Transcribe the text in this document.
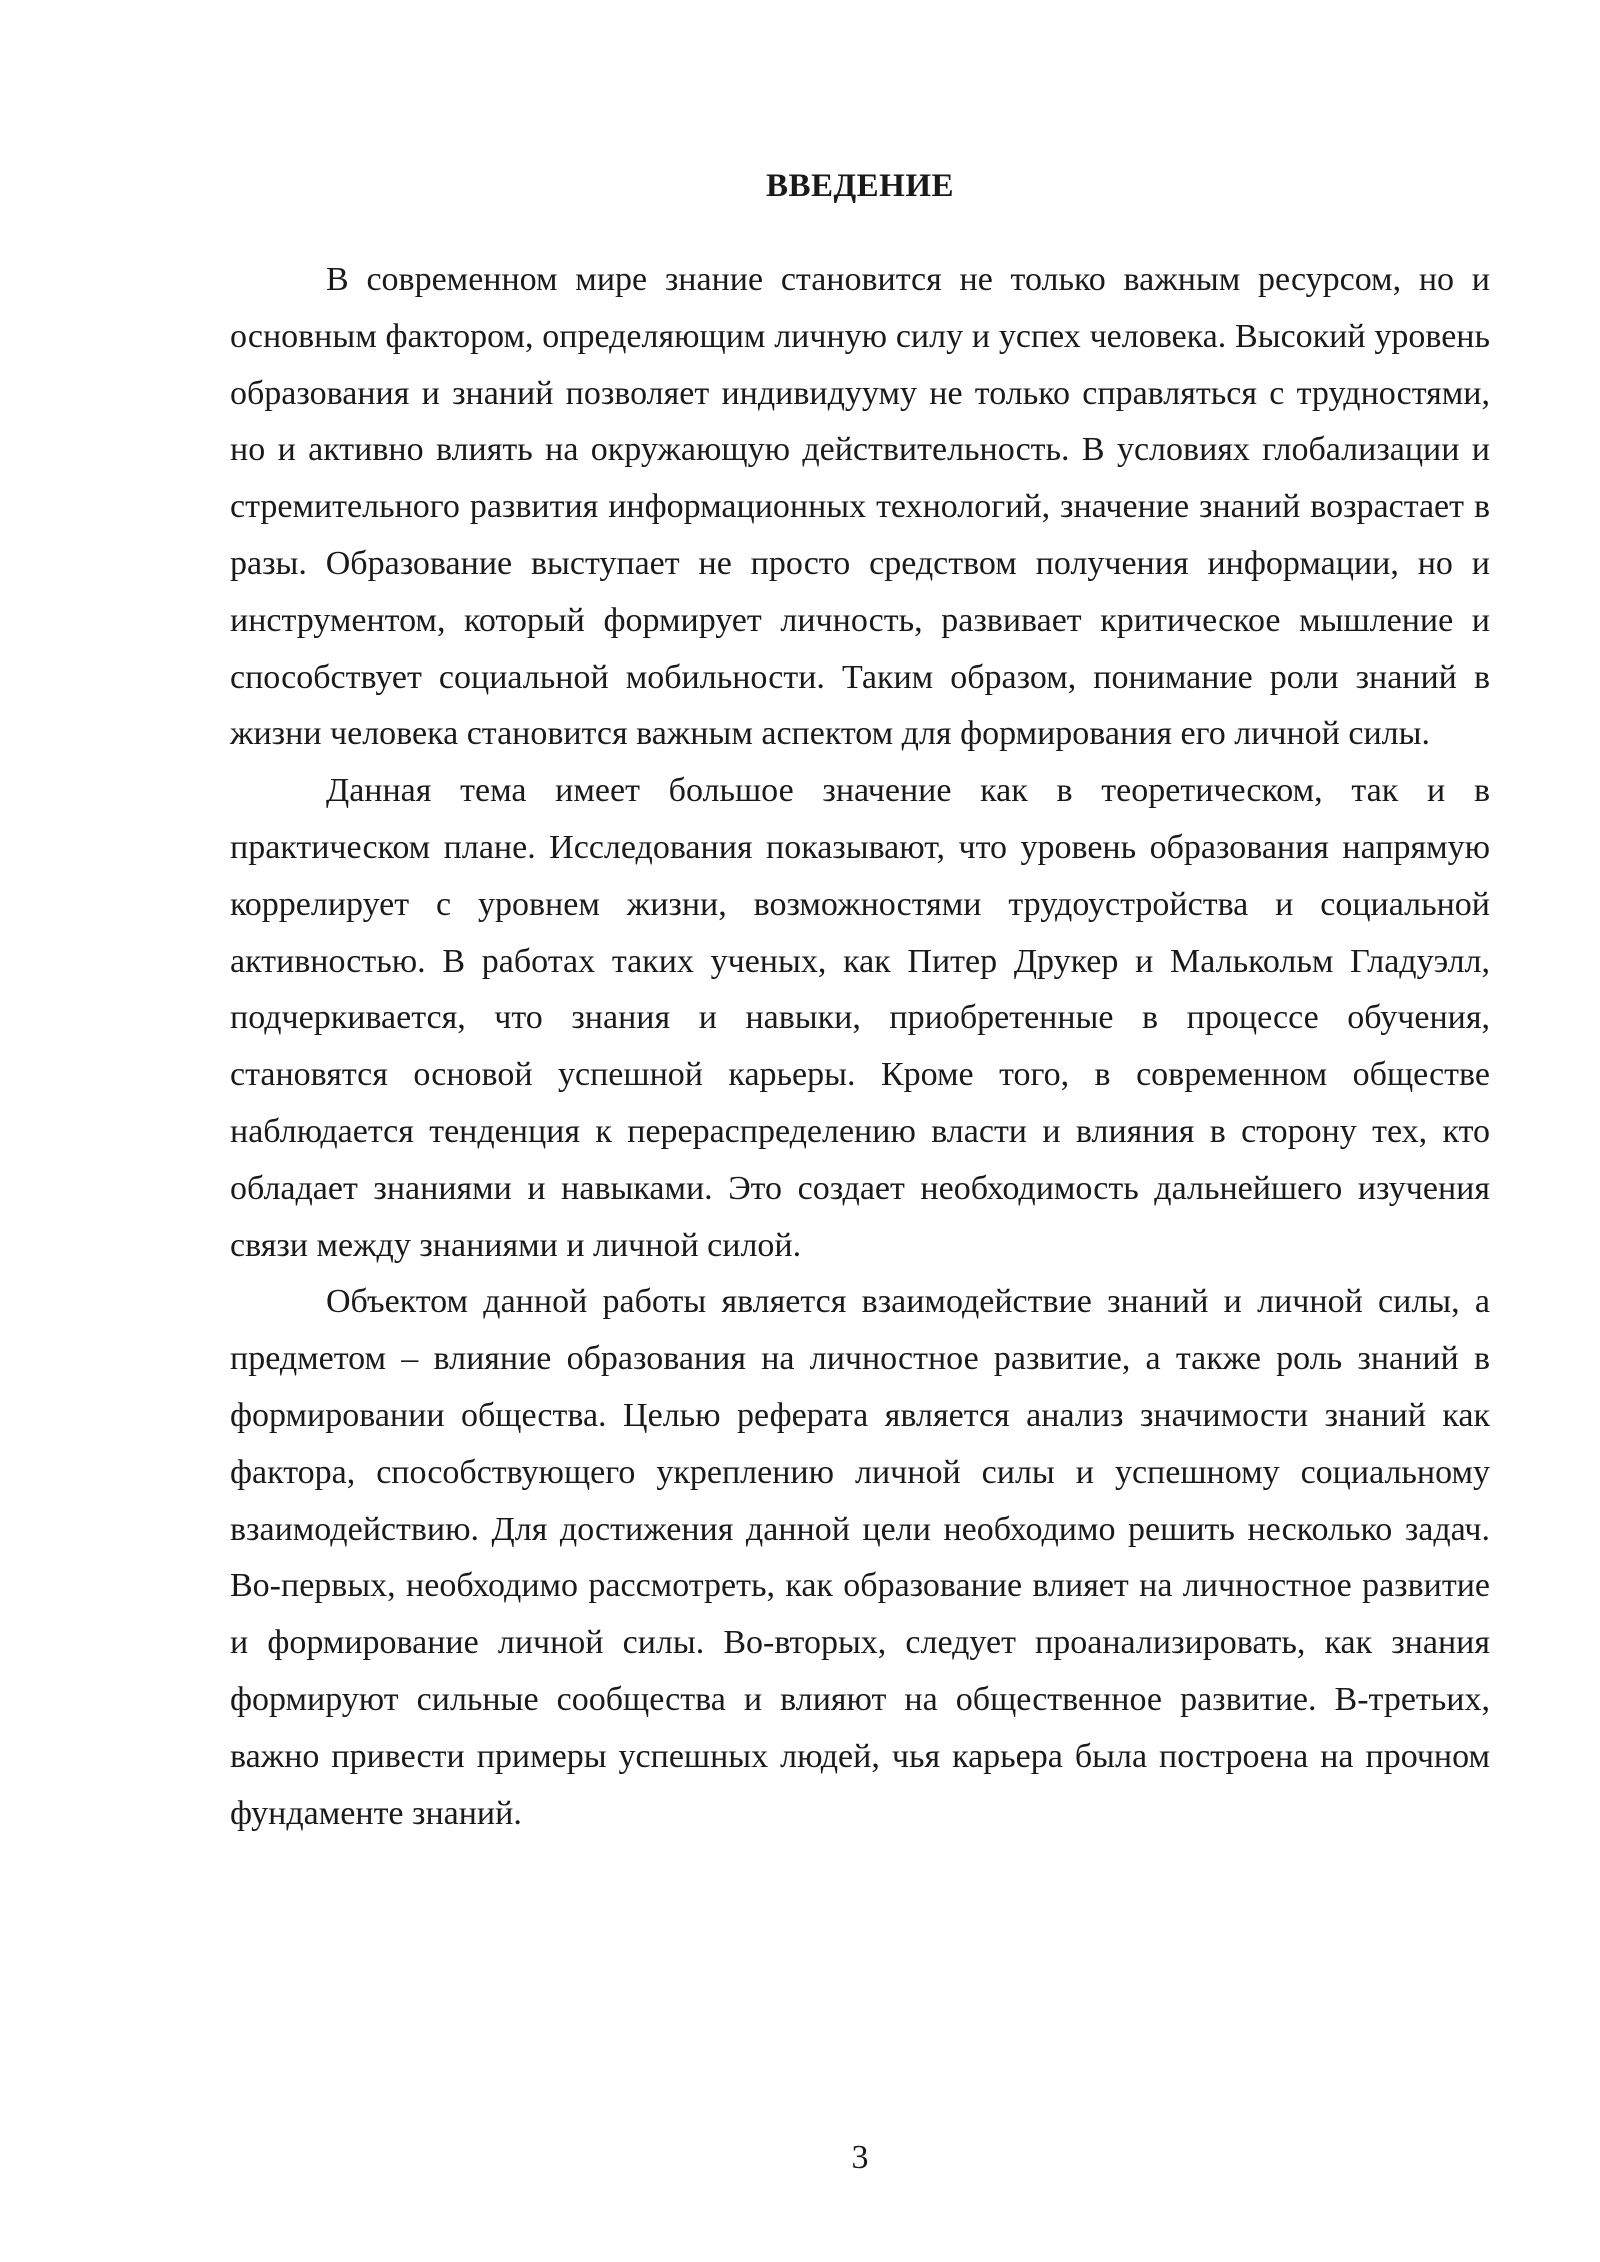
ВВЕДЕНИЕ

В современном мире знание становится не только важным ресурсом, но и основным фактором, определяющим личную силу и успех человека. Высокий уровень образования и знаний позволяет индивидууму не только справляться с трудностями, но и активно влиять на окружающую действительность. В условиях глобализации и стремительного развития информационных технологий, значение знаний возрастает в разы. Образование выступает не просто средством получения информации, но и инструментом, который формирует личность, развивает критическое мышление и способствует социальной мобильности. Таким образом, понимание роли знаний в жизни человека становится важным аспектом для формирования его личной силы.

Данная тема имеет большое значение как в теоретическом, так и в практическом плане. Исследования показывают, что уровень образования напрямую коррелирует с уровнем жизни, возможностями трудоустройства и социальной активностью. В работах таких ученых, как Питер Друкер и Малькольм Гладуэлл, подчеркивается, что знания и навыки, приобретенные в процессе обучения, становятся основой успешной карьеры. Кроме того, в современном обществе наблюдается тенденция к перераспределению власти и влияния в сторону тех, кто обладает знаниями и навыками. Это создает необходимость дальнейшего изучения связи между знаниями и личной силой.

Объектом данной работы является взаимодействие знаний и личной силы, а предметом – влияние образования на личностное развитие, а также роль знаний в формировании общества. Целью реферата является анализ значимости знаний как фактора, способствующего укреплению личной силы и успешному социальному взаимодействию. Для достижения данной цели необходимо решить несколько задач. Во-первых, необходимо рассмотреть, как образование влияет на личностное развитие и формирование личной силы. Во-вторых, следует проанализировать, как знания формируют сильные сообщества и влияют на общественное развитие. В-третьих, важно привести примеры успешных людей, чья карьера была построена на прочном фундаменте знаний.

3
